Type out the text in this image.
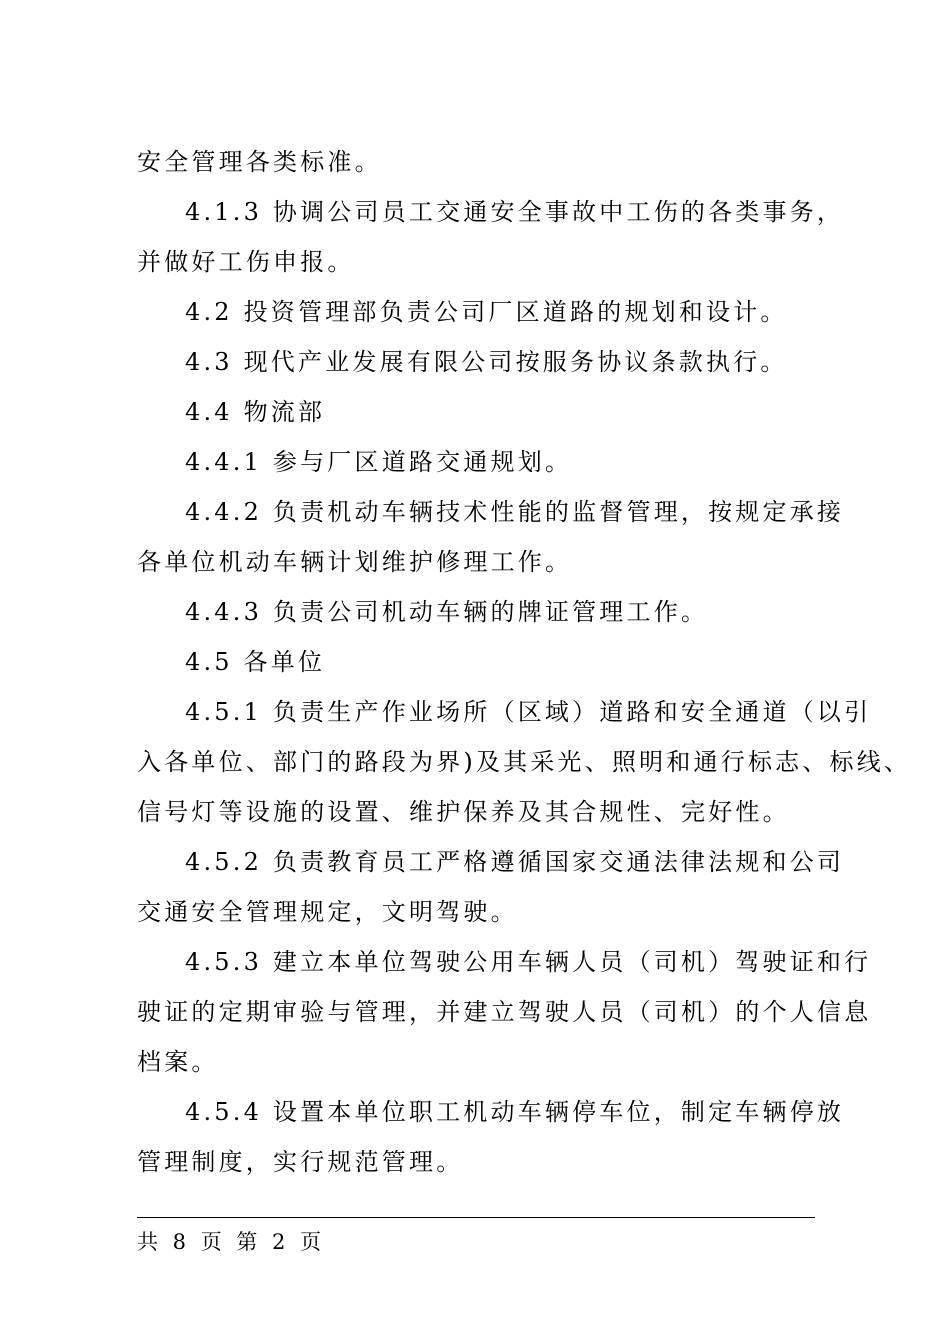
安全管理各类标准。
4.1.3 协调公司员工交通安全事故中工伤的各类事务，
并做好工伤申报。
4.2 投资管理部负责公司厂区道路的规划和设计。
4.3 现代产业发展有限公司按服务协议条款执行。
4.4 物流部
4.4.1 参与厂区道路交通规划。
4.4.2 负责机动车辆技术性能的监督管理，按规定承接
各单位机动车辆计划维护修理工作。
4.4.3 负责公司机动车辆的牌证管理工作。
4.5 各单位
4.5.1 负责生产作业场所（区域）道路和安全通道（以引
入各单位、部门的路段为界)及其采光、照明和通行标志、标线、
信号灯等设施的设置、维护保养及其合规性、完好性。
4.5.2 负责教育员工严格遵循国家交通法律法规和公司
交通安全管理规定，文明驾驶。
4.5.3 建立本单位驾驶公用车辆人员（司机）驾驶证和行
驶证的定期审验与管理，并建立驾驶人员（司机）的个人信息
档案。
4.5.4 设置本单位职工机动车辆停车位，制定车辆停放
管理制度，实行规范管理。
共 8 页 第 2 页
